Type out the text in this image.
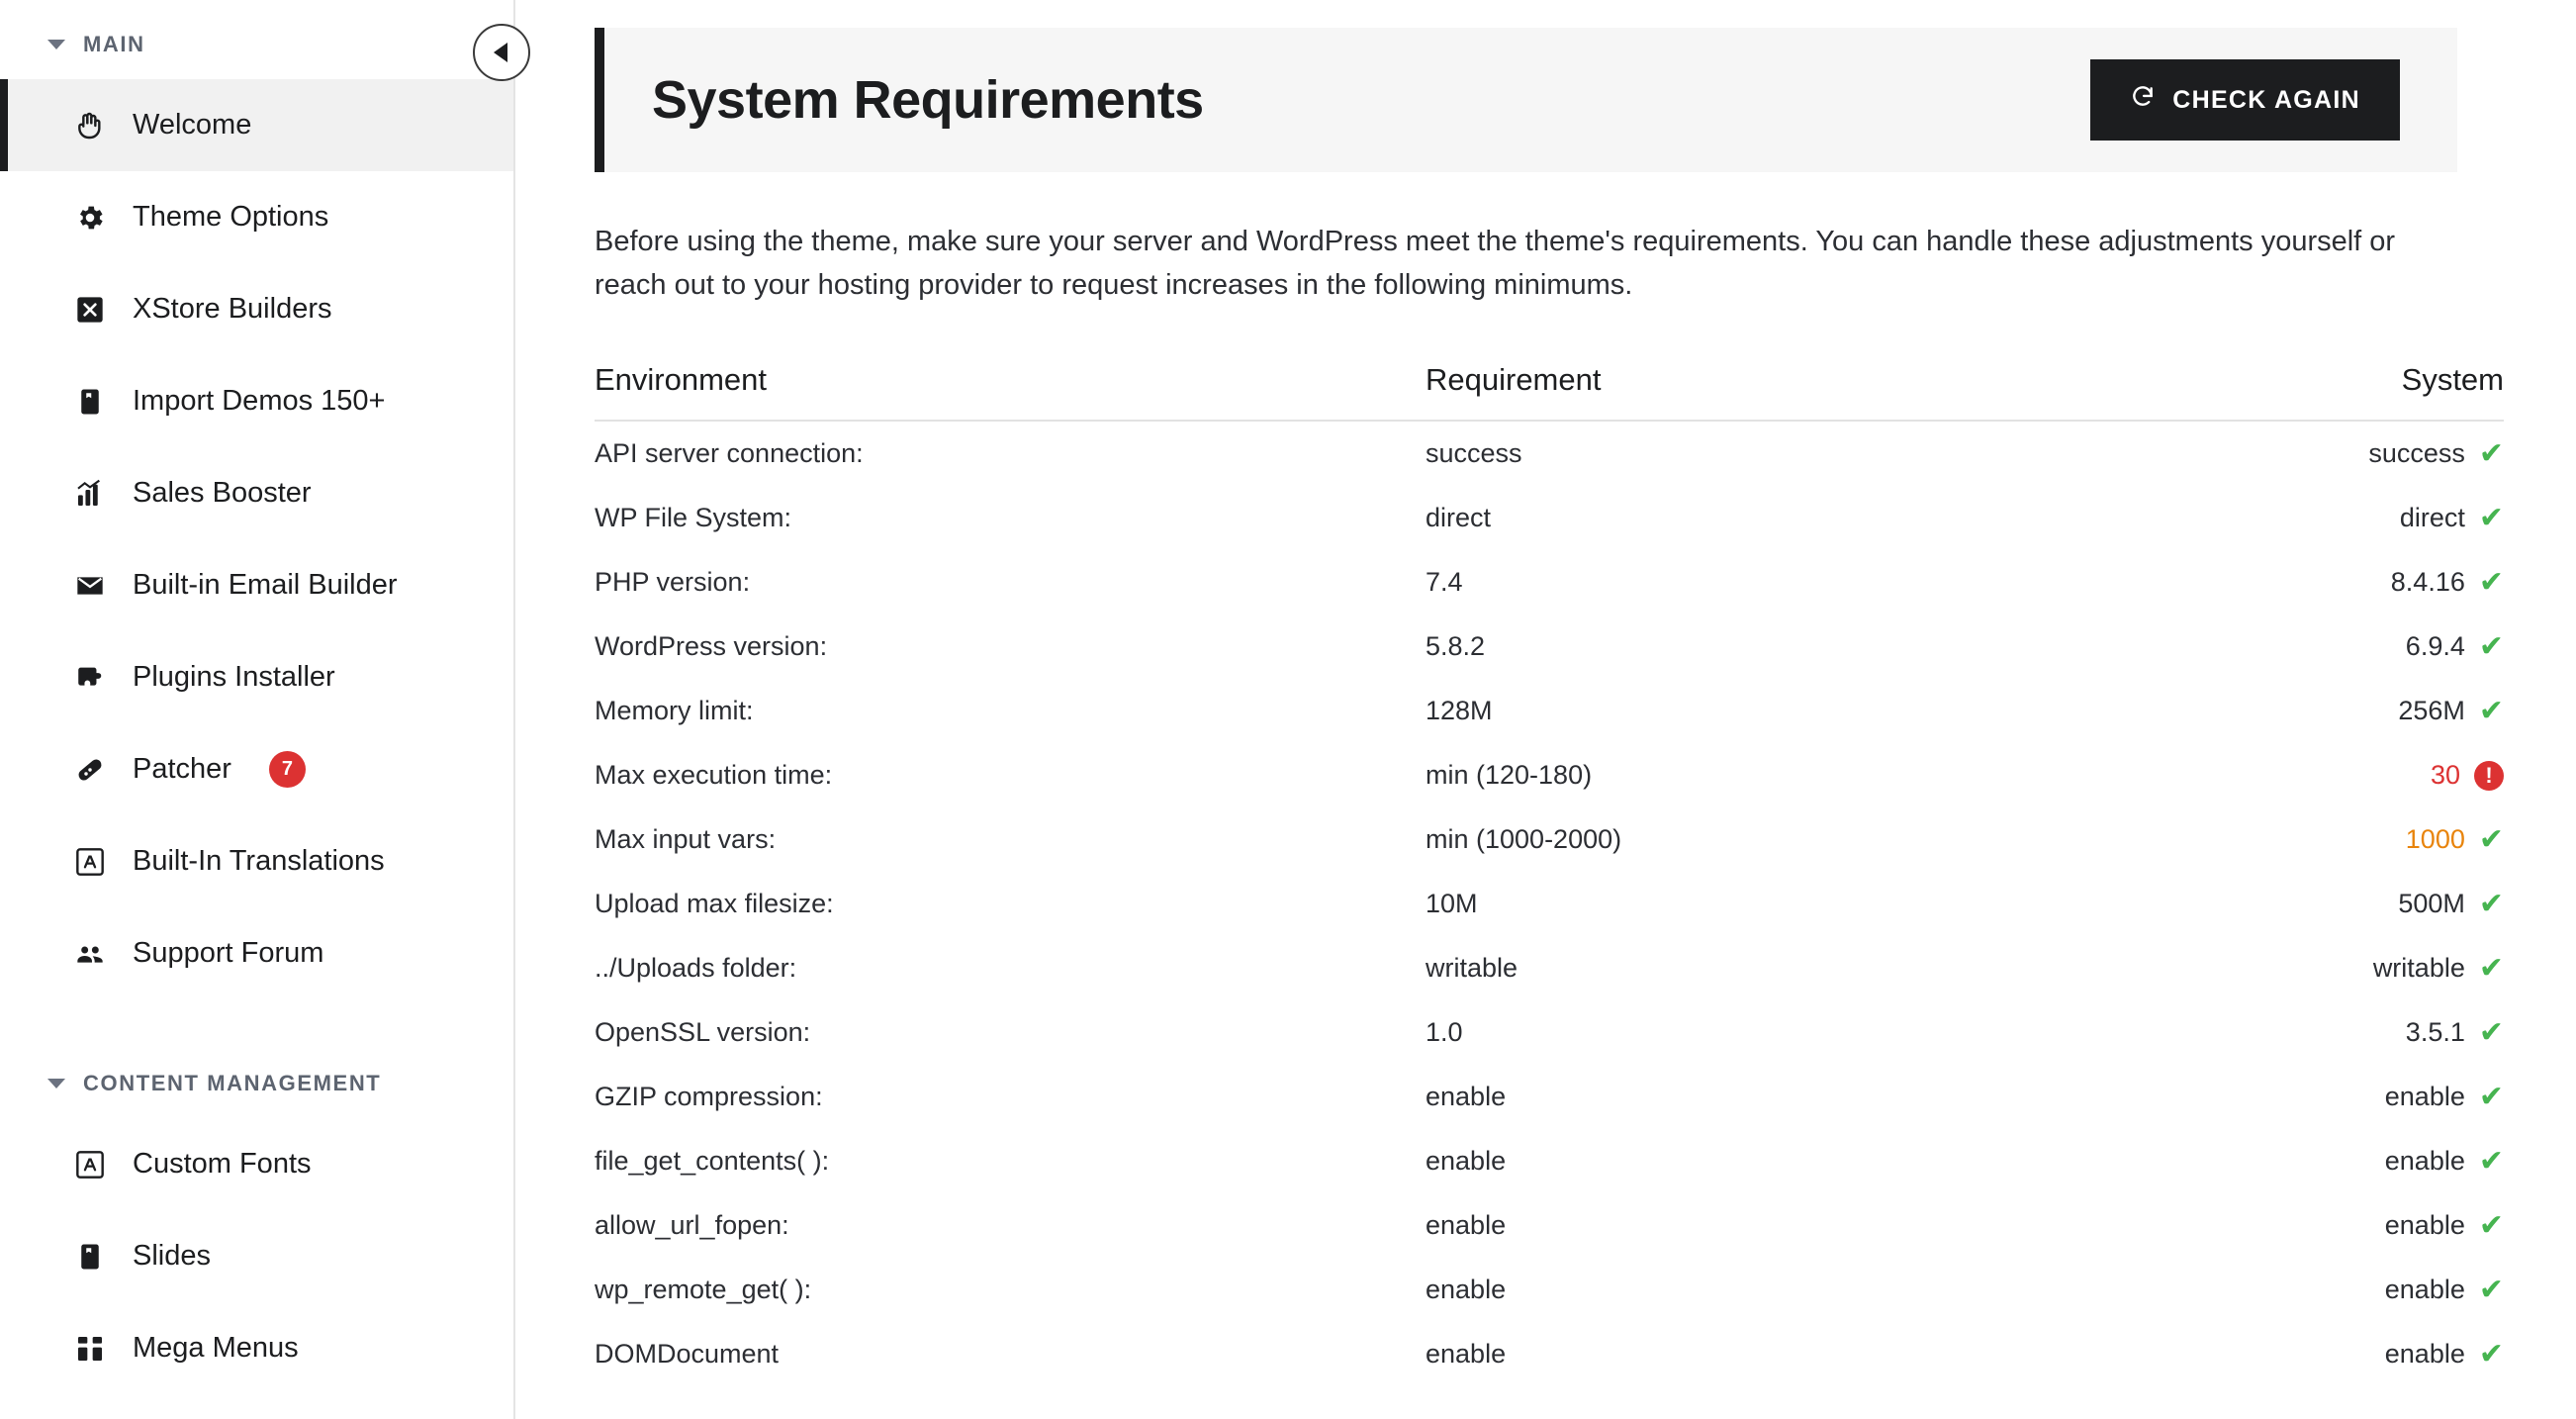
MAIN
Welcome
Theme Options
XStore Builders
Import Demos 150+
Sales Booster
Built-in Email Builder
Plugins Installer
Patcher	7
Built-In Translations
Support Forum
CONTENT MANAGEMENT
Custom Fonts
Slides
Mega Menus
System Requirements	CHECK AGAIN

Before using the theme, make sure your server and WordPress meet the theme's requirements. You can handle these adjustments yourself or reach out to your hosting provider to request increases in the following minimums.

Environment	Requirement	System
API server connection:	success	success ✔
WP File System:	direct	direct ✔
PHP version:	7.4	8.4.16 ✔
WordPress version:	5.8.2	6.9.4 ✔
Memory limit:	128M	256M ✔
Max execution time:	min (120-180)	30	!
Max input vars:	min (1000-2000)	1000 ✔
Upload max filesize:	10M	500M ✔
../Uploads folder:	writable	writable ✔
OpenSSL version:	1.0	3.5.1 ✔
GZIP compression:	enable	enable ✔
file_get_contents( ):	enable	enable ✔
allow_url_fopen:	enable	enable ✔
wp_remote_get( ):	enable	enable ✔
DOMDocument	enable	enable ✔
